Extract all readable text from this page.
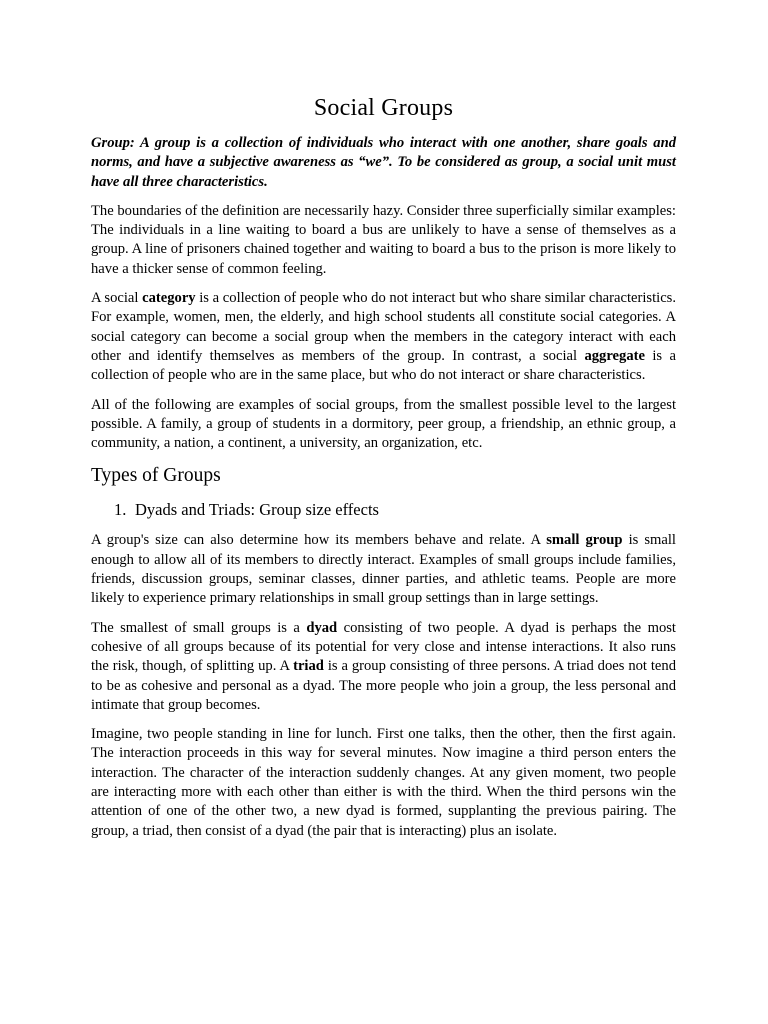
Social Groups

Group: A group is a collection of individuals who interact with one another, share goals and norms, and have a subjective awareness as “we”. To be considered as group, a social unit must have all three characteristics.

The boundaries of the definition are necessarily hazy. Consider three superficially similar examples: The individuals in a line waiting to board a bus are unlikely to have a sense of themselves as a group. A line of prisoners chained together and waiting to board a bus to the prison is more likely to have a thicker sense of common feeling.

A social category is a collection of people who do not interact but who share similar characteristics. For example, women, men, the elderly, and high school students all constitute social categories. A social category can become a social group when the members in the category interact with each other and identify themselves as members of the group. In contrast, a social aggregate is a collection of people who are in the same place, but who do not interact or share characteristics.

All of the following are examples of social groups, from the smallest possible level to the largest possible. A family, a group of students in a dormitory, peer group, a friendship, an ethnic group, a community, a nation, a continent, a university, an organization, etc.

Types of Groups
1. Dyads and Triads: Group size effects

A group's size can also determine how its members behave and relate. A small group is small enough to allow all of its members to directly interact. Examples of small groups include families, friends, discussion groups, seminar classes, dinner parties, and athletic teams. People are more likely to experience primary relationships in small group settings than in large settings.

The smallest of small groups is a dyad consisting of two people. A dyad is perhaps the most cohesive of all groups because of its potential for very close and intense interactions. It also runs the risk, though, of splitting up. A triad is a group consisting of three persons. A triad does not tend to be as cohesive and personal as a dyad. The more people who join a group, the less personal and intimate that group becomes.

Imagine, two people standing in line for lunch. First one talks, then the other, then the first again. The interaction proceeds in this way for several minutes. Now imagine a third person enters the interaction. The character of the interaction suddenly changes. At any given moment, two people are interacting more with each other than either is with the third. When the third persons win the attention of one of the other two, a new dyad is formed, supplanting the previous pairing. The group, a triad, then consist of a dyad (the pair that is interacting) plus an isolate.
